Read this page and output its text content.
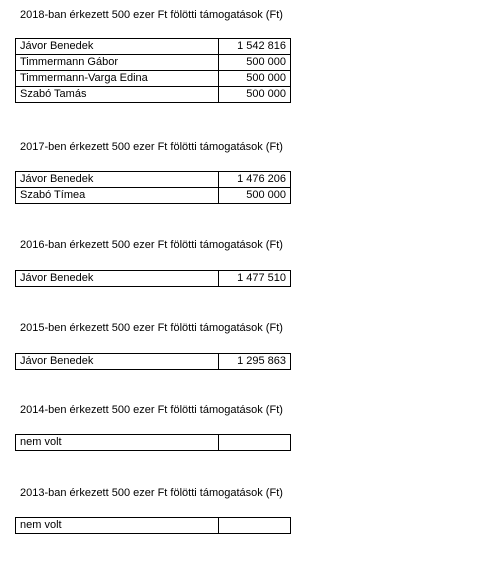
2018-ban érkezett 500 ezer Ft fölötti támogatások (Ft)
Jávor Benedek	1 542 816
Timmermann Gábor	500 000
Timmermann-Varga Edina	500 000
Szabó Tamás	500 000
2017-ben érkezett 500 ezer Ft fölötti támogatások (Ft)
Jávor Benedek	1 476 206
Szabó Tímea	500 000
2016-ban érkezett 500 ezer Ft fölötti támogatások (Ft)
Jávor Benedek	1 477 510
2015-ben érkezett 500 ezer Ft fölötti támogatások (Ft)
Jávor Benedek	1 295 863
2014-ben érkezett 500 ezer Ft fölötti támogatások (Ft)
nem volt	
2013-ban érkezett 500 ezer Ft fölötti támogatások (Ft)
nem volt	
